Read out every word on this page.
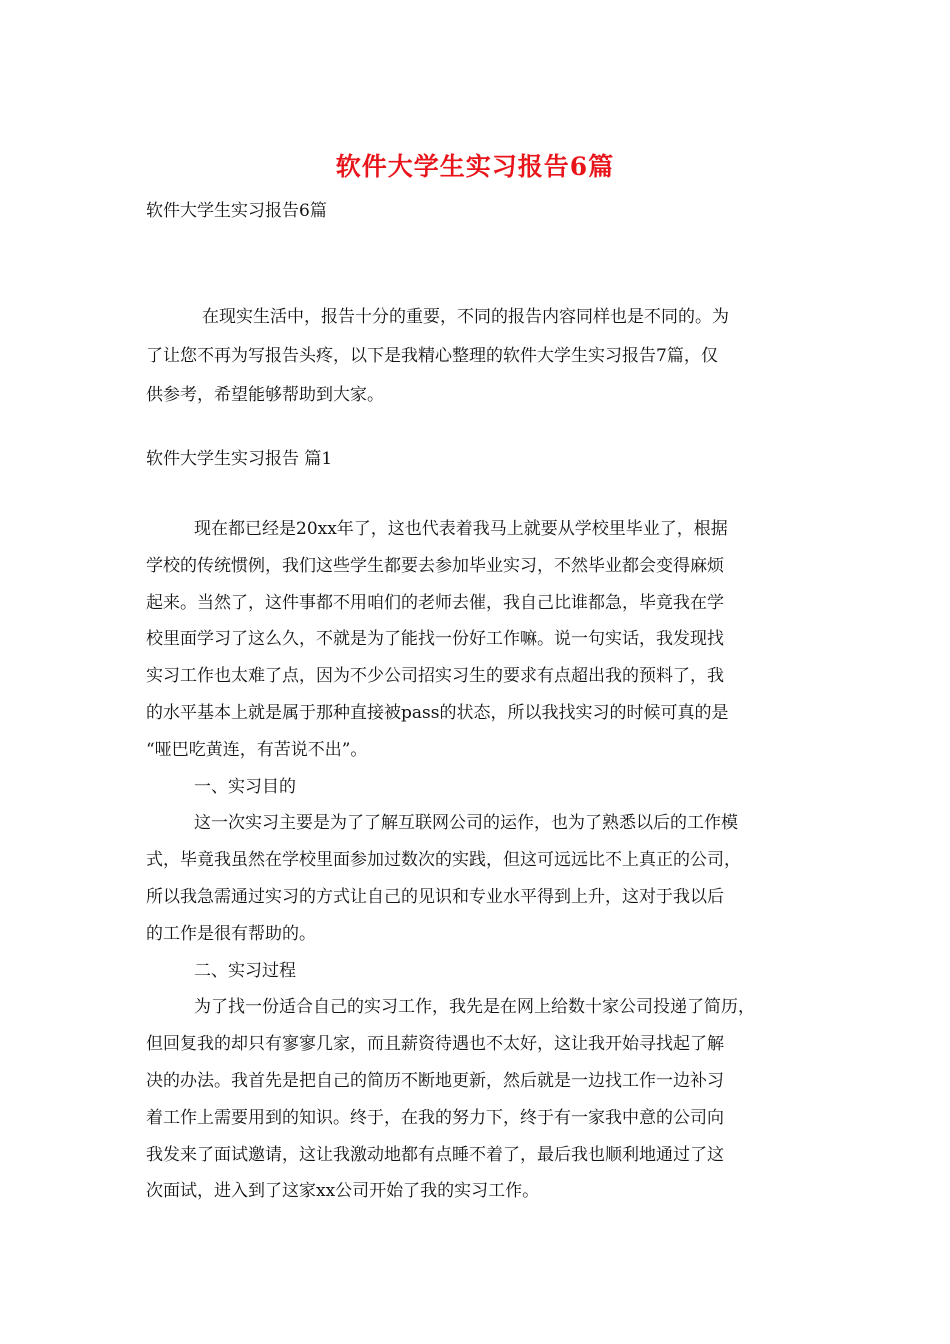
软件大学生实习报告6篇
软件大学生实习报告6篇
在现实生活中，报告十分的重要，不同的报告内容同样也是不同的。为
了让您不再为写报告头疼，以下是我精心整理的软件大学生实习报告7篇，仅
供参考，希望能够帮助到大家。
软件大学生实习报告 篇1
现在都已经是20xx年了，这也代表着我马上就要从学校里毕业了，根据
学校的传统惯例，我们这些学生都要去参加毕业实习，不然毕业都会变得麻烦
起来。当然了，这件事都不用咱们的老师去催，我自己比谁都急，毕竟我在学
校里面学习了这么久，不就是为了能找一份好工作嘛。说一句实话，我发现找
实习工作也太难了点，因为不少公司招实习生的要求有点超出我的预料了，我
的水平基本上就是属于那种直接被pass的状态，所以我找实习的时候可真的是
“哑巴吃黄连，有苦说不出”。
一、实习目的
这一次实习主要是为了了解互联网公司的运作，也为了熟悉以后的工作模
式，毕竟我虽然在学校里面参加过数次的实践，但这可远远比不上真正的公司，
所以我急需通过实习的方式让自己的见识和专业水平得到上升，这对于我以后
的工作是很有帮助的。
二、实习过程
为了找一份适合自己的实习工作，我先是在网上给数十家公司投递了简历，
但回复我的却只有寥寥几家，而且薪资待遇也不太好，这让我开始寻找起了解
决的办法。我首先是把自己的简历不断地更新，然后就是一边找工作一边补习
着工作上需要用到的知识。终于，在我的努力下，终于有一家我中意的公司向
我发来了面试邀请，这让我激动地都有点睡不着了，最后我也顺利地通过了这
次面试，进入到了这家xx公司开始了我的实习工作。
